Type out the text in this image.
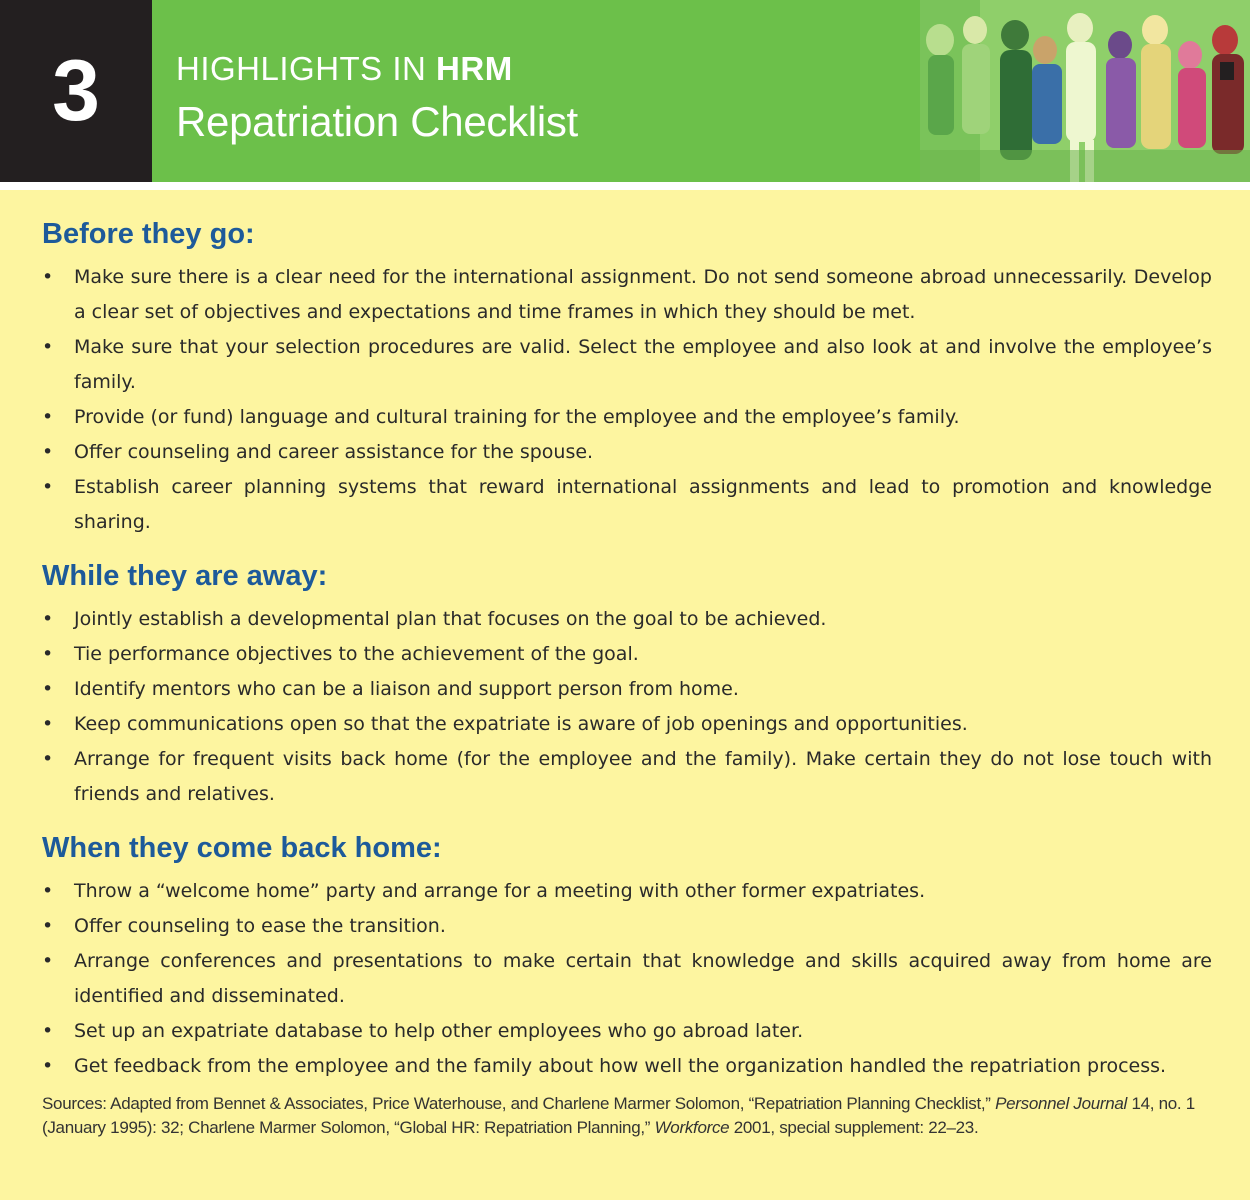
3 HIGHLIGHTS IN HRM
Repatriation Checklist
Before they go:
• Make sure there is a clear need for the international assignment. Do not send someone abroad unnecessarily. Develop a clear set of objectives and expectations and time frames in which they should be met.
• Make sure that your selection procedures are valid. Select the employee and also look at and involve the employee’s family.
• Provide (or fund) language and cultural training for the employee and the employee’s family.
• Offer counseling and career assistance for the spouse.
• Establish career planning systems that reward international assignments and lead to promotion and knowledge sharing.
While they are away:
• Jointly establish a developmental plan that focuses on the goal to be achieved.
• Tie performance objectives to the achievement of the goal.
• Identify mentors who can be a liaison and support person from home.
• Keep communications open so that the expatriate is aware of job openings and opportunities.
• Arrange for frequent visits back home (for the employee and the family). Make certain they do not lose touch with friends and relatives.
When they come back home:
• Throw a “welcome home” party and arrange for a meeting with other former expatriates.
• Offer counseling to ease the transition.
• Arrange conferences and presentations to make certain that knowledge and skills acquired away from home are identified and disseminated.
• Set up an expatriate database to help other employees who go abroad later.
• Get feedback from the employee and the family about how well the organization handled the repatriation process.
Sources: Adapted from Bennet & Associates, Price Waterhouse, and Charlene Marmer Solomon, “Repatriation Planning Checklist,” Personnel Journal 14, no. 1 (January 1995): 32; Charlene Marmer Solomon, “Global HR: Repatriation Planning,” Workforce 2001, special supplement: 22–23.
